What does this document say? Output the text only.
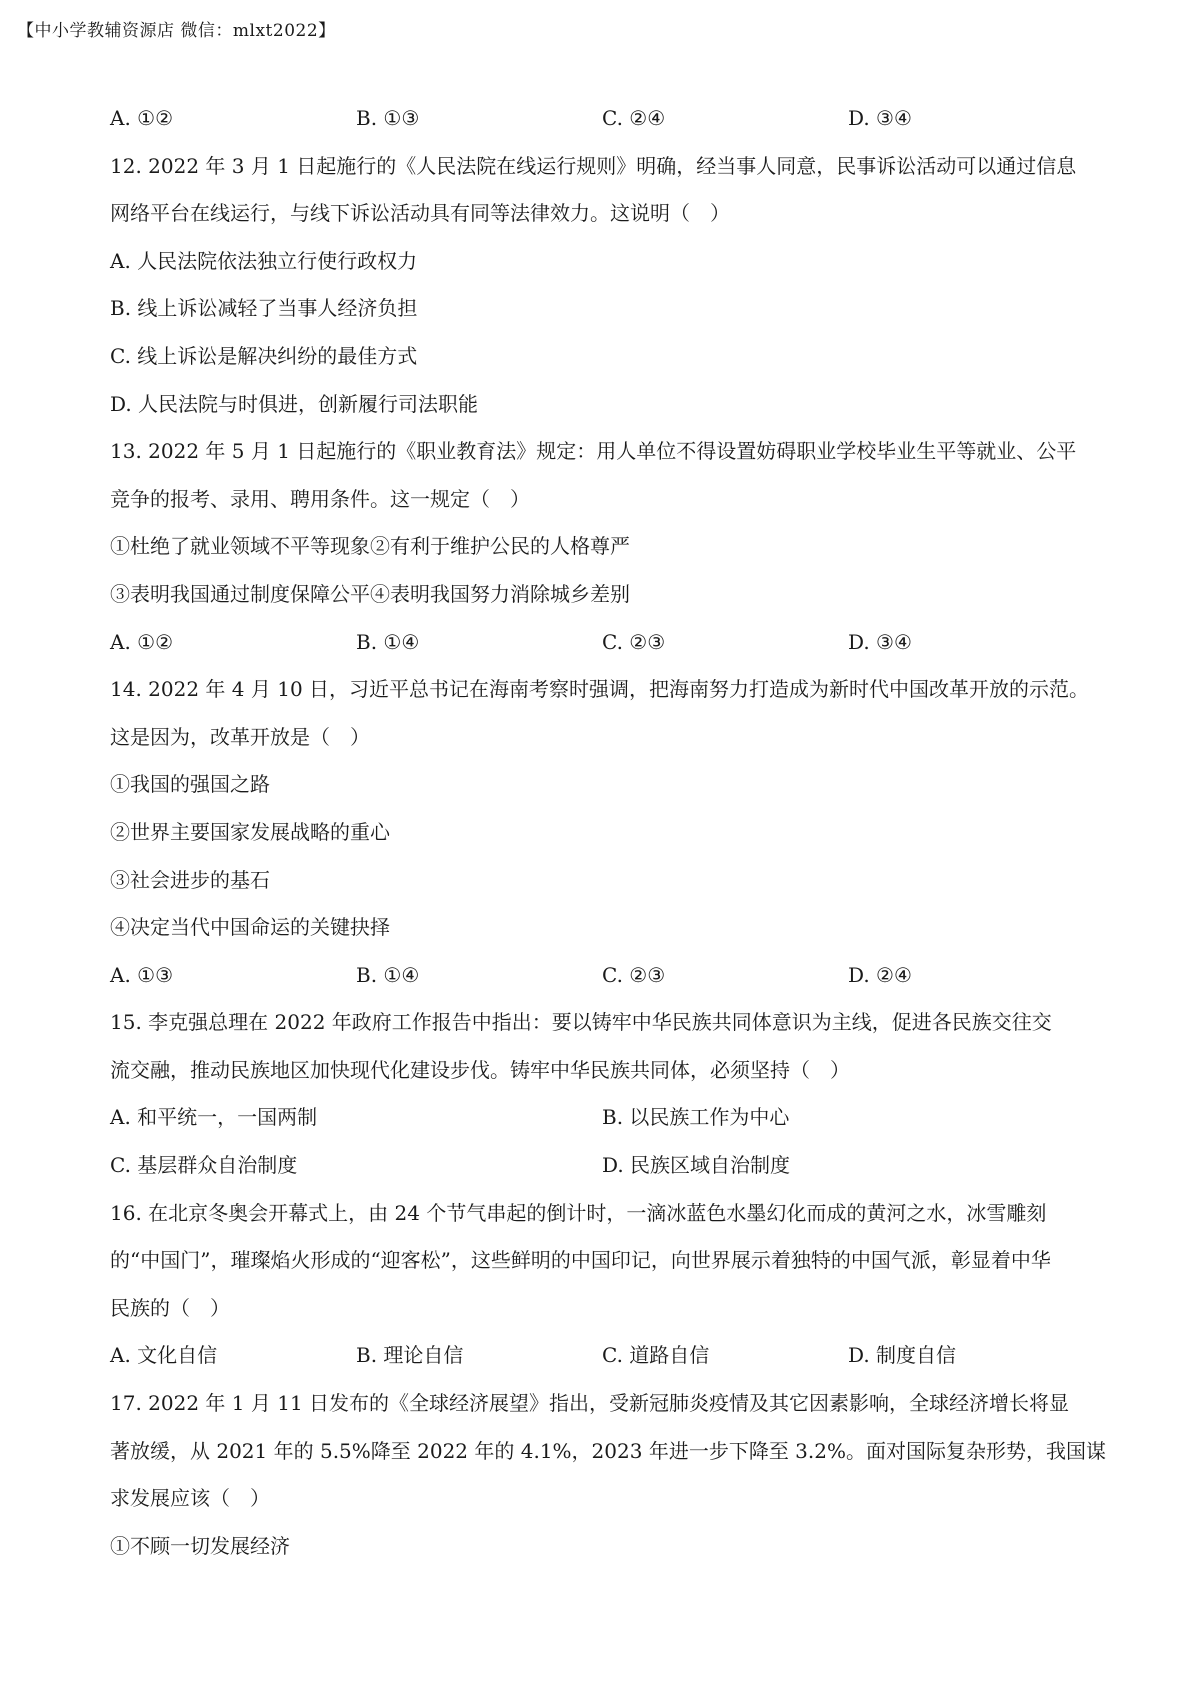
【中小学教辅资源店 微信：mlxt2022】
A. ①②	B. ①③	C. ②④	D. ③④
12. 2022 年 3 月 1 日起施行的《人民法院在线运行规则》明确，经当事人同意，民事诉讼活动可以通过信息
网络平台在线运行，与线下诉讼活动具有同等法律效力。这说明（　）
A. 人民法院依法独立行使行政权力
B. 线上诉讼减轻了当事人经济负担
C. 线上诉讼是解决纠纷的最佳方式
D. 人民法院与时俱进，创新履行司法职能
13. 2022 年 5 月 1 日起施行的《职业教育法》规定：用人单位不得设置妨碍职业学校毕业生平等就业、公平
竞争的报考、录用、聘用条件。这一规定（　）
①杜绝了就业领域不平等现象②有利于维护公民的人格尊严
③表明我国通过制度保障公平④表明我国努力消除城乡差别
A. ①②	B. ①④	C. ②③	D. ③④
14. 2022 年 4 月 10 日，习近平总书记在海南考察时强调，把海南努力打造成为新时代中国改革开放的示范。
这是因为，改革开放是（　）
①我国的强国之路
②世界主要国家发展战略的重心
③社会进步的基石
④决定当代中国命运的关键抉择
A. ①③	B. ①④	C. ②③	D. ②④
15. 李克强总理在 2022 年政府工作报告中指出：要以铸牢中华民族共同体意识为主线，促进各民族交往交
流交融，推动民族地区加快现代化建设步伐。铸牢中华民族共同体，必须坚持（　）
A. 和平统一，一国两制	B. 以民族工作为中心
C. 基层群众自治制度	D. 民族区域自治制度
16. 在北京冬奥会开幕式上，由 24 个节气串起的倒计时，一滴冰蓝色水墨幻化而成的黄河之水，冰雪雕刻
的“中国门”，璀璨焰火形成的“迎客松”，这些鲜明的中国印记，向世界展示着独特的中国气派，彰显着中华
民族的（　）
A. 文化自信	B. 理论自信	C. 道路自信	D. 制度自信
17. 2022 年 1 月 11 日发布的《全球经济展望》指出，受新冠肺炎疫情及其它因素影响，全球经济增长将显
著放缓，从 2021 年的 5.5%降至 2022 年的 4.1%，2023 年进一步下降至 3.2%。面对国际复杂形势，我国谋
求发展应该（　）
①不顾一切发展经济
